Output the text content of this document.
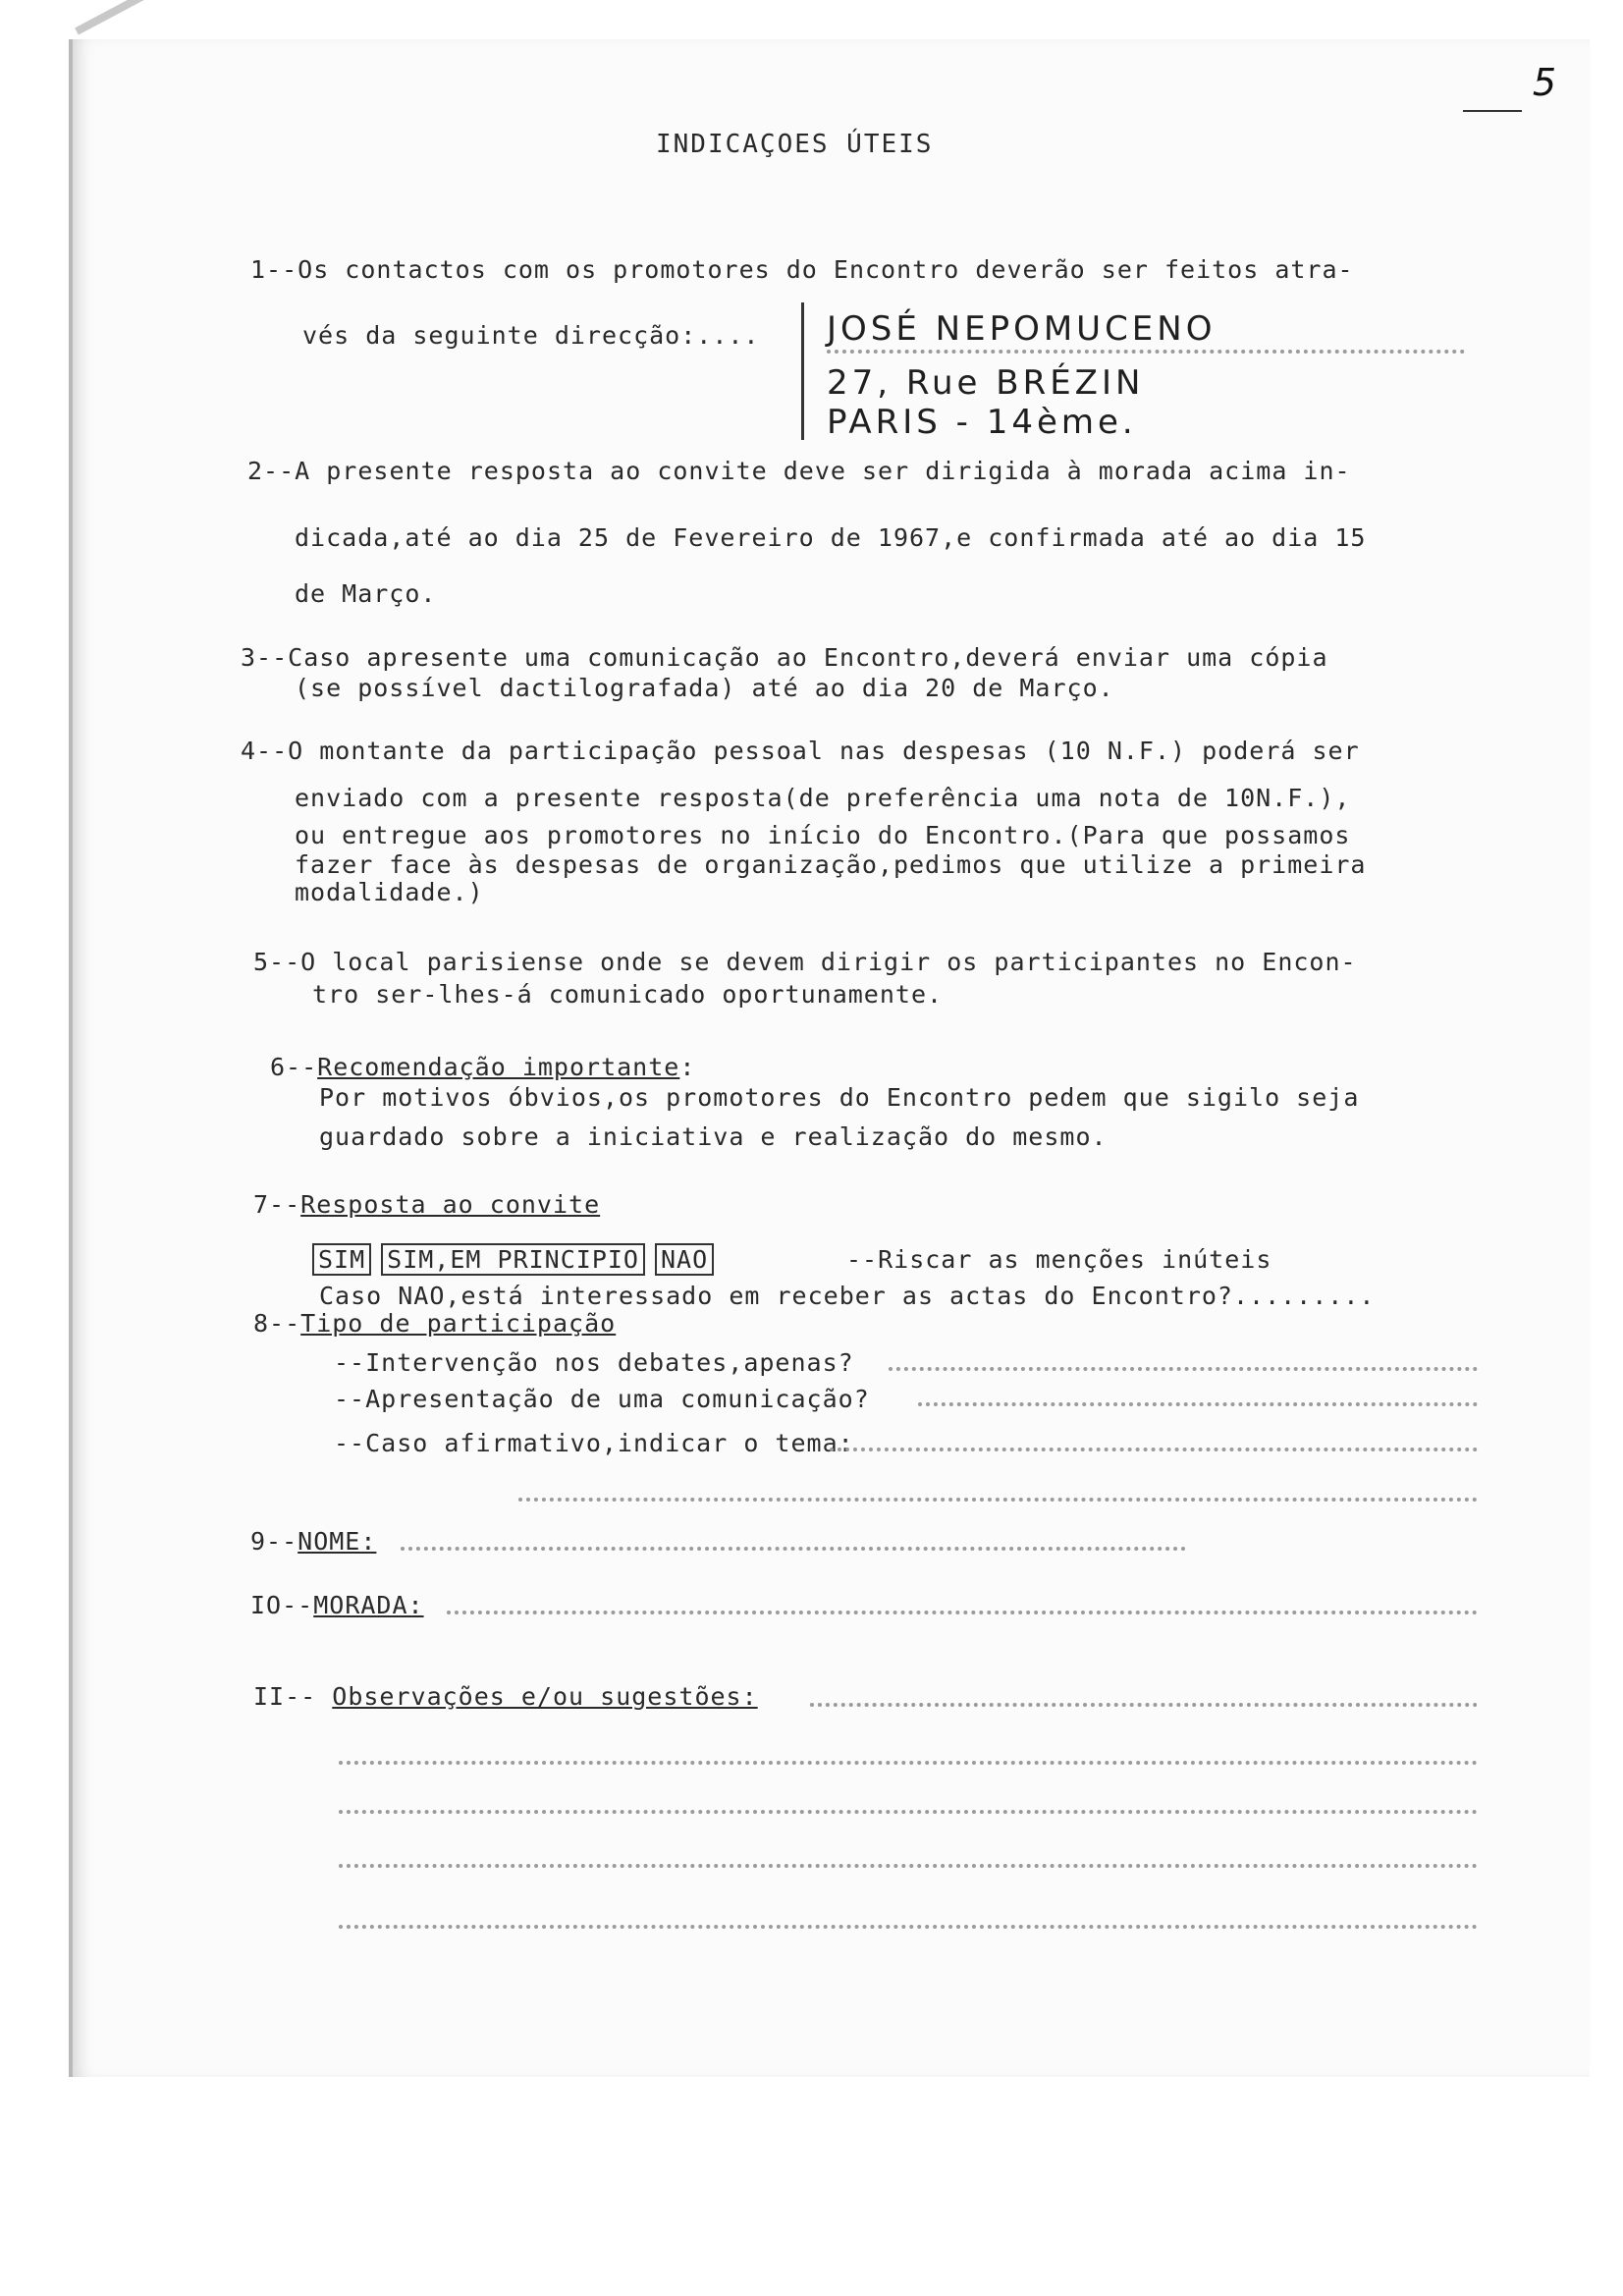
5
INDICAÇOES ÚTEIS
1--Os contactos com os promotores do Encontro deverão ser feitos atra-
vés da seguinte direcção:.... JOSÉ NEPOMUCENO
27, Rue BRÉZIN
PARIS - 14ème.
2--A presente resposta ao convite deve ser dirigida à morada acima in-
dicada,até ao dia 25 de Fevereiro de 1967,e confirmada até ao dia 15
de Março.
3--Caso apresente uma comunicação ao Encontro,deverá enviar uma cópia
(se possível dactilografada) até ao dia 20 de Março.
4--O montante da participação pessoal nas despesas (10 N.F.) poderá ser
enviado com a presente resposta(de preferência uma nota de 10N.F.),
ou entregue aos promotores no início do Encontro.(Para que possamos
fazer face às despesas de organização,pedimos que utilize a primeira
modalidade.)
5--O local parisiense onde se devem dirigir os participantes no Encon-
tro ser-lhes-á comunicado oportunamente.
6--Recomendação importante:
Por motivos óbvios,os promotores do Encontro pedem que sigilo seja
guardado sobre a iniciativa e realização do mesmo.
7--Resposta ao convite
SIM SIM,EM PRINCIPIO NAO	--Riscar as menções inúteis
Caso NAO,está interessado em receber as actas do Encontro?.........
8--Tipo de participação
--Intervenção nos debates,apenas?
--Apresentação de uma comunicação?
--Caso afirmativo,indicar o tema:
9--NOME:
IO--MORADA:
II-- Observações e/ou sugestões:
